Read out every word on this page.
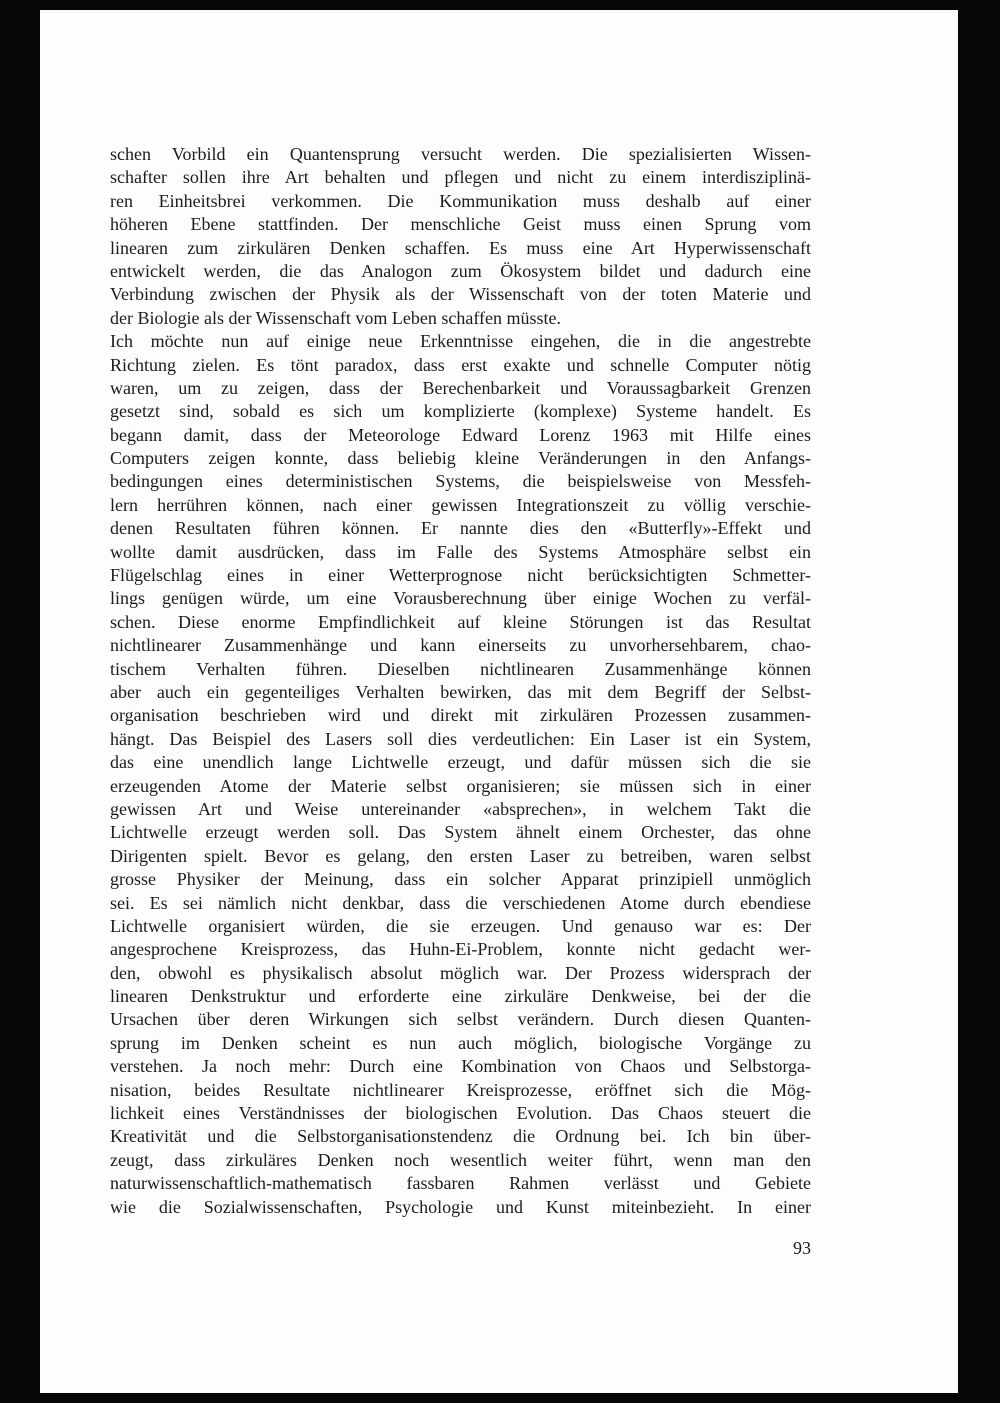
schen Vorbild ein Quantensprung versucht werden. Die spezialisierten Wissen-
schafter sollen ihre Art behalten und pflegen und nicht zu einem interdisziplinä-
ren Einheitsbrei verkommen. Die Kommunikation muss deshalb auf einer
höheren Ebene stattfinden. Der menschliche Geist muss einen Sprung vom
linearen zum zirkulären Denken schaffen. Es muss eine Art Hyperwissenschaft
entwickelt werden, die das Analogon zum Ökosystem bildet und dadurch eine
Verbindung zwischen der Physik als der Wissenschaft von der toten Materie und
der Biologie als der Wissenschaft vom Leben schaffen müsste.
Ich möchte nun auf einige neue Erkenntnisse eingehen, die in die angestrebte
Richtung zielen. Es tönt paradox, dass erst exakte und schnelle Computer nötig
waren, um zu zeigen, dass der Berechenbarkeit und Voraussagbarkeit Grenzen
gesetzt sind, sobald es sich um komplizierte (komplexe) Systeme handelt. Es
begann damit, dass der Meteorologe Edward Lorenz 1963 mit Hilfe eines
Computers zeigen konnte, dass beliebig kleine Veränderungen in den Anfangs-
bedingungen eines deterministischen Systems, die beispielsweise von Messfeh-
lern herrühren können, nach einer gewissen Integrationszeit zu völlig verschie-
denen Resultaten führen können. Er nannte dies den «Butterfly»-Effekt und
wollte damit ausdrücken, dass im Falle des Systems Atmosphäre selbst ein
Flügelschlag eines in einer Wetterprognose nicht berücksichtigten Schmetter-
lings genügen würde, um eine Vorausberechnung über einige Wochen zu verfäl-
schen. Diese enorme Empfindlichkeit auf kleine Störungen ist das Resultat
nichtlinearer Zusammenhänge und kann einerseits zu unvorhersehbarem, chao-
tischem Verhalten führen. Dieselben nichtlinearen Zusammenhänge können
aber auch ein gegenteiliges Verhalten bewirken, das mit dem Begriff der Selbst-
organisation beschrieben wird und direkt mit zirkulären Prozessen zusammen-
hängt. Das Beispiel des Lasers soll dies verdeutlichen: Ein Laser ist ein System,
das eine unendlich lange Lichtwelle erzeugt, und dafür müssen sich die sie
erzeugenden Atome der Materie selbst organisieren; sie müssen sich in einer
gewissen Art und Weise untereinander «absprechen», in welchem Takt die
Lichtwelle erzeugt werden soll. Das System ähnelt einem Orchester, das ohne
Dirigenten spielt. Bevor es gelang, den ersten Laser zu betreiben, waren selbst
grosse Physiker der Meinung, dass ein solcher Apparat prinzipiell unmöglich
sei. Es sei nämlich nicht denkbar, dass die verschiedenen Atome durch ebendiese
Lichtwelle organisiert würden, die sie erzeugen. Und genauso war es: Der
angesprochene Kreisprozess, das Huhn-Ei-Problem, konnte nicht gedacht wer-
den, obwohl es physikalisch absolut möglich war. Der Prozess widersprach der
linearen Denkstruktur und erforderte eine zirkuläre Denkweise, bei der die
Ursachen über deren Wirkungen sich selbst verändern. Durch diesen Quanten-
sprung im Denken scheint es nun auch möglich, biologische Vorgänge zu
verstehen. Ja noch mehr: Durch eine Kombination von Chaos und Selbstorga-
nisation, beides Resultate nichtlinearer Kreisprozesse, eröffnet sich die Mög-
lichkeit eines Verständnisses der biologischen Evolution. Das Chaos steuert die
Kreativität und die Selbstorganisationstendenz die Ordnung bei. Ich bin über-
zeugt, dass zirkuläres Denken noch wesentlich weiter führt, wenn man den
naturwissenschaftlich-mathematisch fassbaren Rahmen verlässt und Gebiete
wie die Sozialwissenschaften, Psychologie und Kunst miteinbezieht. In einer
93
